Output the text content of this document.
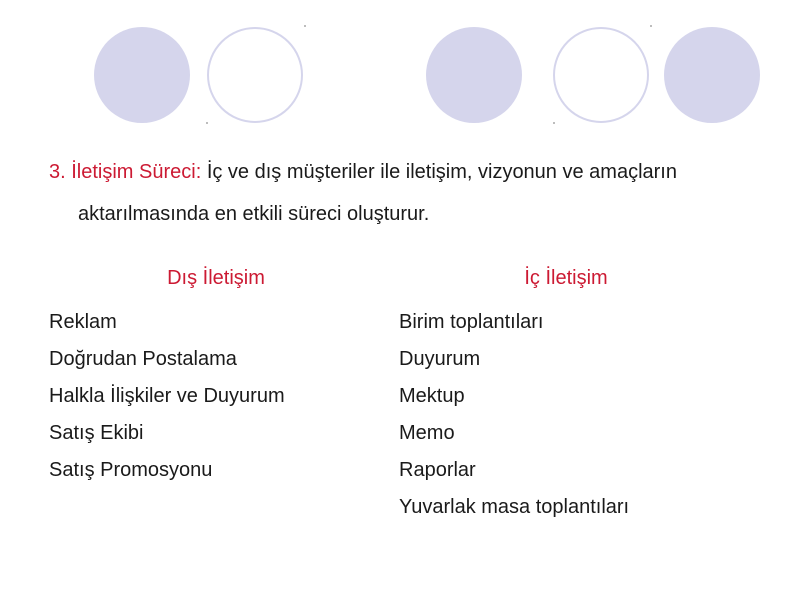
3. İletişim Süreci: İç ve dış müşteriler ile iletişim, vizyonun ve amaçların
aktarılmasında en etkili süreci oluşturur.
Dış İletişim	İç İletişim
Reklam
Doğrudan Postalama
Halkla İlişkiler ve Duyurum
Satış Ekibi
Satış Promosyonu
Birim toplantıları
Duyurum
Mektup
Memo
Raporlar
Yuvarlak masa toplantıları
